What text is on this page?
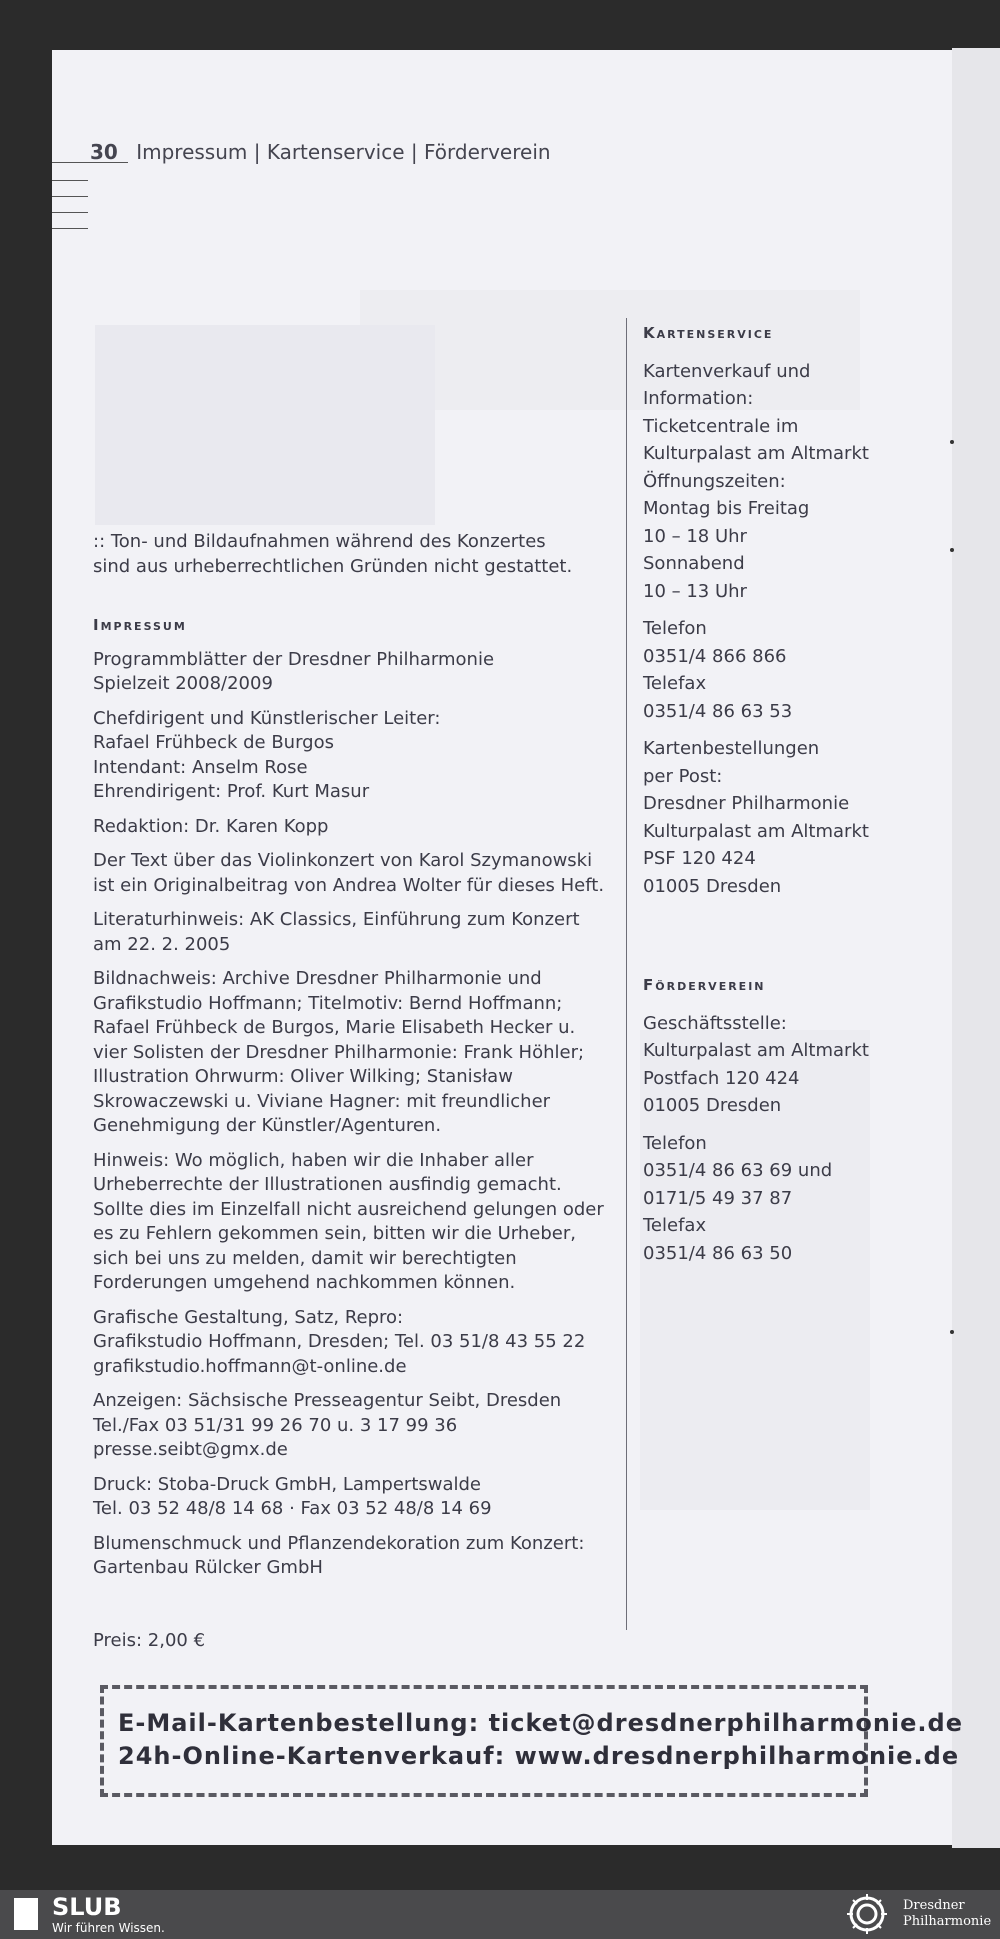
30 Impressum | Kartenservice | Förderverein

:: Ton- und Bildaufnahmen während des Konzertes sind aus urheberrechtlichen Gründen nicht gestattet.

Impressum

Programmblätter der Dresdner Philharmonie

Spielzeit 2008/2009

Chefdirigent und Künstlerischer Leiter:

Rafael Frühbeck de Burgos

Intendant: Anselm Rose

Ehrendirigent: Prof. Kurt Masur

Redaktion: Dr. Karen Kopp

Der Text über das Violinkonzert von Karol Szymanowski ist ein Originalbeitrag von Andrea Wolter für dieses Heft.

Literaturhinweis: AK Classics, Einführung zum Konzert am 22. 2. 2005

Bildnachweis: Archive Dresdner Philharmonie und Grafikstudio Hoffmann; Titelmotiv: Bernd Hoffmann; Rafael Frühbeck de Burgos, Marie Elisabeth Hecker u. vier Solisten der Dresdner Philharmonie: Frank Höhler; Illustration Ohrwurm: Oliver Wilking; Stanisław Skrowaczewski u. Viviane Hagner: mit freundlicher Genehmigung der Künstler/Agenturen.

Hinweis: Wo möglich, haben wir die Inhaber aller Urheberrechte der Illustrationen ausfindig gemacht. Sollte dies im Einzelfall nicht ausreichend gelungen oder es zu Fehlern gekommen sein, bitten wir die Urheber, sich bei uns zu melden, damit wir berechtigten Forderungen umgehend nachkommen können.

Grafische Gestaltung, Satz, Repro:

Grafikstudio Hoffmann, Dresden; Tel. 03 51/8 43 55 22

grafikstudio.hoffmann@t-online.de

Anzeigen: Sächsische Presseagentur Seibt, Dresden

Tel./Fax 03 51/31 99 26 70 u. 3 17 99 36

presse.seibt@gmx.de

Druck: Stoba-Druck GmbH, Lampertswalde

Tel. 03 52 48/8 14 68 · Fax 03 52 48/8 14 69

Blumenschmuck und Pflanzendekoration zum Konzert:

Gartenbau Rülcker GmbH

Preis: 2,00 €

Kartenservice

Kartenverkauf und

Information:

Ticketcentrale im

Kulturpalast am Altmarkt

Öffnungszeiten:

Montag bis Freitag

10 – 18 Uhr

Sonnabend

10 – 13 Uhr

Telefon

0351/4 866 866

Telefax

0351/4 86 63 53

Kartenbestellungen

per Post:

Dresdner Philharmonie

Kulturpalast am Altmarkt

PSF 120 424

01005 Dresden

Förderverein

Geschäftsstelle:

Kulturpalast am Altmarkt

Postfach 120 424

01005 Dresden

Telefon

0351/4 86 63 69 und

0171/5 49 37 87

Telefax

0351/4 86 63 50

E-Mail-Kartenbestellung: ticket@dresdnerphilharmonie.de
24h-Online-Kartenverkauf: www.dresdnerphilharmonie.de
SLUB
Wir führen Wissen.
Dresdner
Philharmonie
